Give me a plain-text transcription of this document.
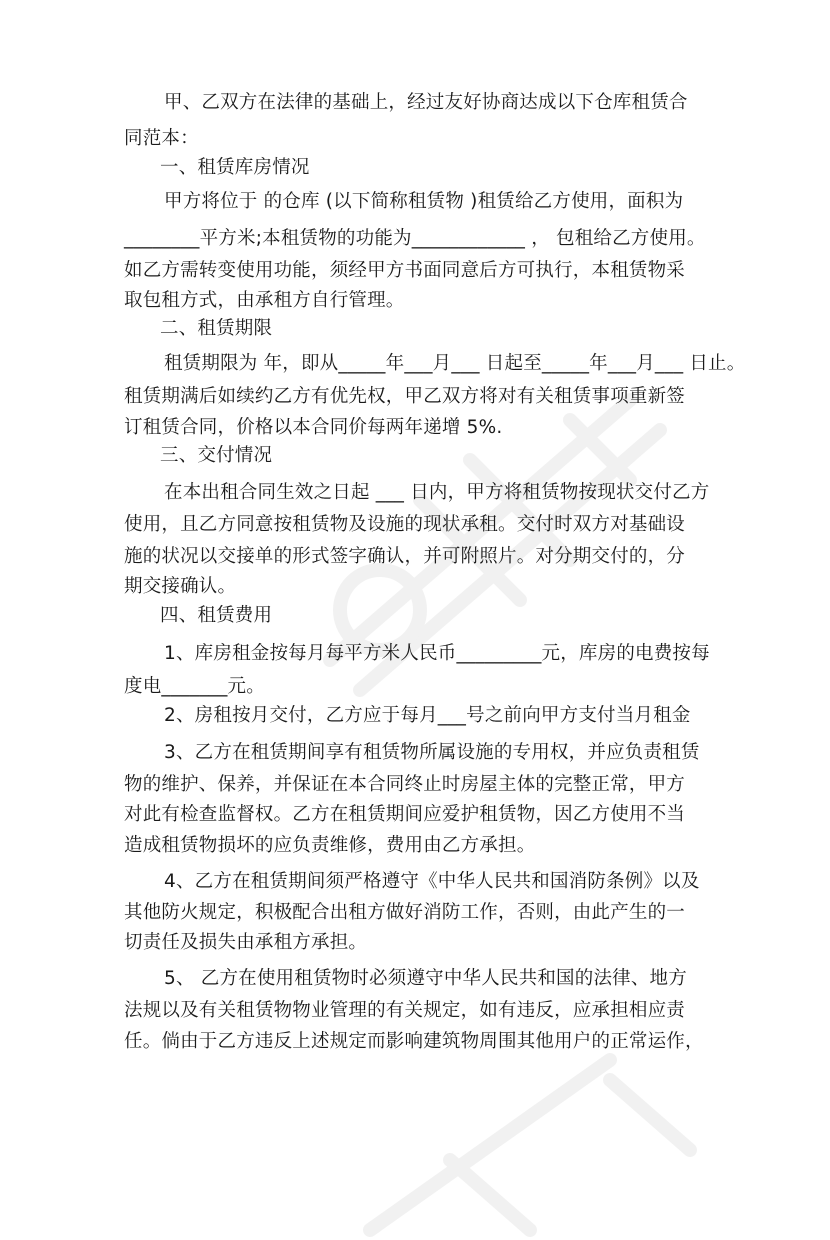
甲、乙双方在法律的基础上，经过友好协商达成以下仓库租赁合
同范本：
一、租赁库房情况
甲方将位于 的仓库 (以下简称租赁物 )租赁给乙方使用，面积为
________平方米;本租赁物的功能为____________ ， 包租给乙方使用。
如乙方需转变使用功能，须经甲方书面同意后方可执行，本租赁物采
取包租方式，由承租方自行管理。
二、租赁期限
租赁期限为 年，即从_____年___月___ 日起至_____年___月___ 日止。
租赁期满后如续约乙方有优先权，甲乙双方将对有关租赁事项重新签
订租赁合同，价格以本合同价每两年递增 5%.
三、交付情况
在本出租合同生效之日起 ___ 日内，甲方将租赁物按现状交付乙方
使用，且乙方同意按租赁物及设施的现状承租。交付时双方对基础设
施的状况以交接单的形式签字确认，并可附照片。对分期交付的，分
期交接确认。
四、租赁费用
1、库房租金按每月每平方米人民币_________元，库房的电费按每
度电_______元。
2、房租按月交付，乙方应于每月___号之前向甲方支付当月租金
3、乙方在租赁期间享有租赁物所属设施的专用权，并应负责租赁
物的维护、保养，并保证在本合同终止时房屋主体的完整正常，甲方
对此有检查监督权。乙方在租赁期间应爱护租赁物，因乙方使用不当
造成租赁物损坏的应负责维修，费用由乙方承担。
4、乙方在租赁期间须严格遵守《中华人民共和国消防条例》以及
其他防火规定，积极配合出租方做好消防工作，否则，由此产生的一
切责任及损失由承租方承担。
5、 乙方在使用租赁物时必须遵守中华人民共和国的法律、地方
法规以及有关租赁物物业管理的有关规定，如有违反，应承担相应责
任。倘由于乙方违反上述规定而影响建筑物周围其他用户的正常运作，
